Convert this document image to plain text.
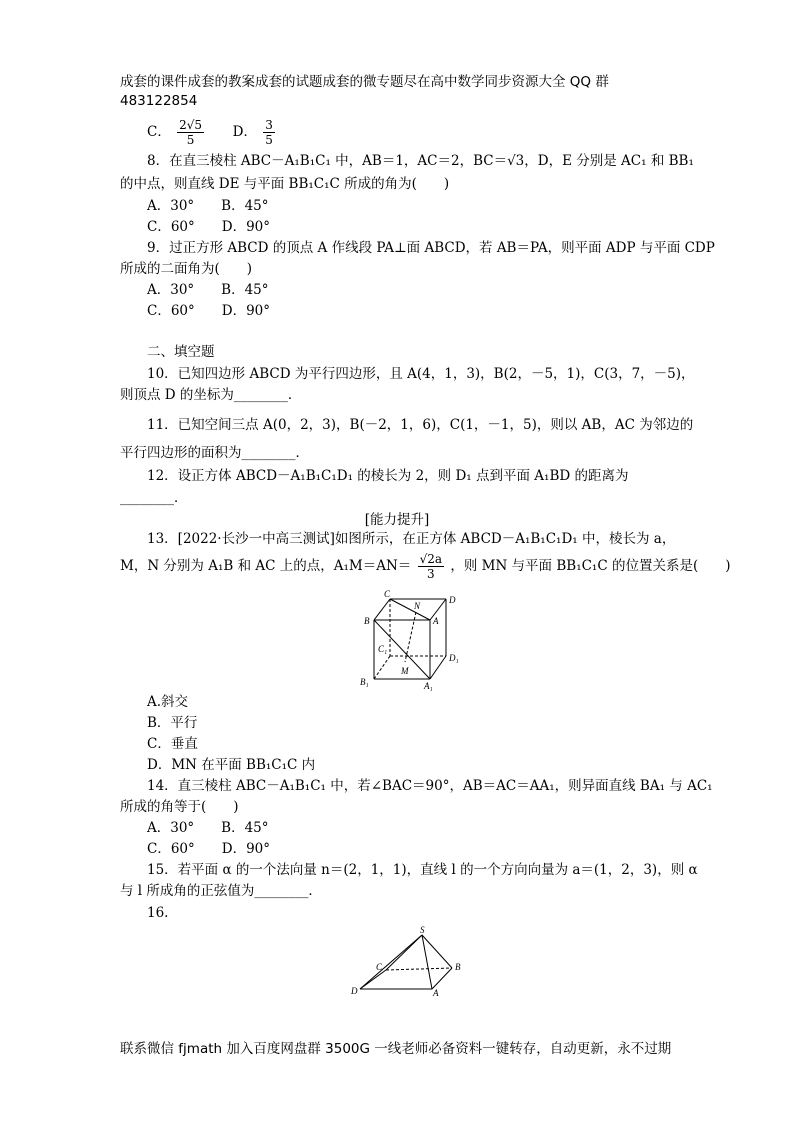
成套的课件成套的教案成套的试题成套的微专题尽在高中数学同步资源大全 QQ 群
483122854
C． $\frac{2√5}{5}$ D． $\frac{3}{5}$
8．在直三棱柱 ABC－A₁B₁C₁ 中，AB＝1，AC＝2，BC＝√3，D，E 分别是 AC₁ 和 BB₁
的中点，则直线 DE 与平面 BB₁C₁C 所成的角为(　　)
A．30°　　B．45°
C．60°　　D．90°
9．过正方形 ABCD 的顶点 A 作线段 PA⊥面 ABCD，若 AB＝PA，则平面 ADP 与平面 CDP
所成的二面角为(　　)
A．30°　　B．45°
C．60°　　D．90°
二、填空题
10．已知四边形 ABCD 为平行四边形，且 A(4，1，3)，B(2，－5，1)，C(3，7，－5)，
则顶点 D 的坐标为________．
11．已知空间三点 A(0，2，3)，B(－2，1，6)，C(1，－1，5)，则以 AB，AC 为邻边的
平行四边形的面积为________．
12．设正方体 ABCD－A₁B₁C₁D₁ 的棱长为 2，则 D₁ 点到平面 A₁BD 的距离为
________．
[能力提升]
13．[2022·长沙一中高三测试]如图所示，在正方体 ABCD－A₁B₁C₁D₁ 中，棱长为 a，
M，N 分别为 A₁B 和 AC 上的点，$A_1M=AN= \frac{√2a}{3}$ ，则 MN 与平面 BB₁C₁C 的位置关系是(　　)
C
D
B	A
N
C₁
D₁
M
B₁	A₁
A.斜交
B．平行
C．垂直
D．MN 在平面 BB₁C₁C 内
14．直三棱柱 ABC－A₁B₁C₁ 中，若∠BAC＝90°，AB＝AC＝AA₁，则异面直线 BA₁ 与 AC₁
所成的角等于(　　)
A．30°　　B．45°
C．60°　　D．90°
15．若平面 α 的一个法向量 n＝(2，1，1)，直线 l 的一个方向向量为 a＝(1，2，3)，则 α
与 l 所成角的正弦值为________．
16.
S
C	B
D	A
联系微信 fjmath 加入百度网盘群 3500G 一线老师必备资料一键转存，自动更新，永不过期
